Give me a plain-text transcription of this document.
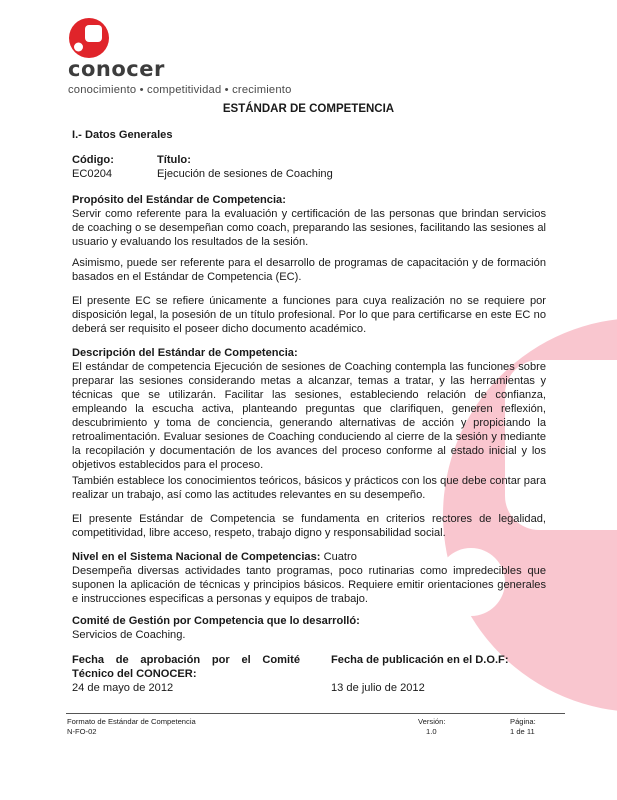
conocer
conocimiento • competitividad • crecimiento
ESTÁNDAR DE COMPETENCIA
I.- Datos Generales
Código:
EC0204
Título:
Ejecución de sesiones de Coaching
Propósito del Estándar de Competencia:
Servir como referente para la evaluación y certificación de las personas que brindan servicios de coaching o se desempeñan como coach, preparando las sesiones, facilitando las sesiones al usuario y evaluando los resultados de la sesión.
Asimismo, puede ser referente para el desarrollo de programas de capacitación y de formación basados en el Estándar de Competencia (EC).
El presente EC se refiere únicamente a funciones para cuya realización no se requiere por disposición legal, la posesión de un título profesional. Por lo que para certificarse en este EC no deberá ser requisito el poseer dicho documento académico.
Descripción del Estándar de Competencia:
El estándar de competencia Ejecución de sesiones de Coaching contempla las funciones sobre preparar las sesiones considerando metas a alcanzar, temas a tratar, y las herramientas y técnicas que se utilizarán. Facilitar las sesiones, estableciendo relación de confianza, empleando la escucha activa, planteando preguntas que clarifiquen, generen reflexión, descubrimiento y toma de conciencia, generando alternativas de acción y propiciando la retroalimentación. Evaluar sesiones de Coaching conduciendo al cierre de la sesión y mediante la recopilación y documentación de los avances del proceso conforme al estado inicial y los objetivos establecidos para el proceso.
También establece los conocimientos teóricos, básicos y prácticos con los que debe contar para realizar un trabajo, así como las actitudes relevantes en su desempeño.
El presente Estándar de Competencia se fundamenta en criterios rectores de legalidad, competitividad, libre acceso, respeto, trabajo digno y responsabilidad social.
Nivel en el Sistema Nacional de Competencias: Cuatro
Desempeña diversas actividades tanto programas, poco rutinarias como impredecibles que suponen la aplicación de técnicas y principios básicos. Requiere emitir orientaciones generales e instrucciones especificas a personas y equipos de trabajo.
Comité de Gestión por Competencia que lo desarrolló:
Servicios de Coaching.
Fecha de aprobación por el Comité Técnico del CONOCER:
24 de mayo de 2012
Fecha de publicación en el D.O.F:
13 de julio de 2012
Formato de Estándar de Competencia
N-FO-02
Versión:
1.0
Página:
1 de 11
